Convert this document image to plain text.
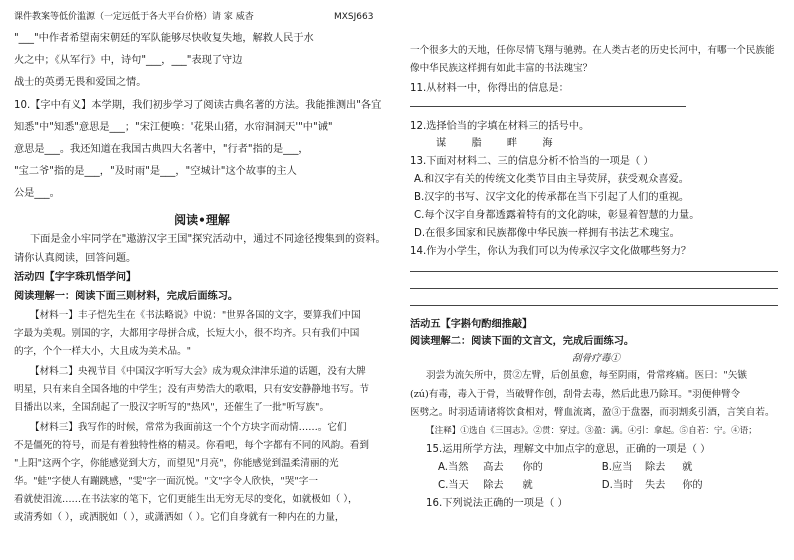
课件教案等低价滥源（一定远低于各大平台价格）请 家 威杳	MXSJ663
"___"中作者希望南宋朝廷的军队能够尽快收复失地，解救人民于水
火之中；《从军行》中，诗句"___，___"表现了守边
战士的英勇无畏和爱国之情。
10.【字中有义】本学期，我们初步学习了阅读古典名著的方法。我能推测出"各宜
知悉"中"知悉"意思是___；"宋江便唤：'花果山猪，水帘洞洞天'"中"诫"
意思是___。我还知道在我国古典四大名著中，"行者"指的是___，
"宝二爷"指的是___，"及时雨"是___，"空城计"这个故事的主人
公是___。
阅读•理解
下面是金小牢同学在"遨游汉字王国"探究活动中，通过不同途径搜集到的资料。
请你认真阅读，回答问题。
活动四【字字珠玑悟学问】
阅读理解一：阅读下面三则材料，完成后面练习。
【材料一】丰子恺先生在《书法略说》中说："世界各国的文字，要算我们中国
字最为美观。别国的字，大都用字母拼合成，长短大小，很不均齐。只有我们中国
的字，个个一样大小，大且成为美术品。"
【材料二】央视节目《中国汉字听写大会》成为观众津津乐道的话题，没有大牌
明星，只有来自全国各地的中学生；没有声势浩大的歌唱，只有安安静静地书写。节
目播出以来，全国刮起了一股汉字听写的"热风"，还催生了一批"听写族"。
【材料三】我写作的时候，常常为我面前这一个个方块字而动情……。它们
不是僵死的符号，而是有着独特性格的精灵。你看吧，每个字都有不同的风韵。看到
"上阳"这两个字，你能感觉到大方，而望见"月亮"，你能感觉到温柔清丽的光
华。"蛙"字使人有蹦跳感，"雯"字一面沉悦。"文"字令人欣快，"哭"字一
看就使泪流……在书法家的笔下，它们更能生出无穷无尽的变化，如就极如（ ），
或清秀如（ ），或洒脱如（ ），或潇洒如（ ）。它们自身就有一种内在的力量，
一个很多大的天地，任你尽情飞翔与驰骋。在人类古老的历史长河中，有哪一个民族能
像中华民族这样拥有如此丰富的书法瑰宝？
11.从材料一中，你得出的信息是：
12.选择恰当的字填在材料三的括号中。
谋 脂 畔 海
13.下面对材料二、三的信息分析不恰当的一项是（ ）
A.和汉字有关的传统文化类节目由主导荧屏，获受观众喜爱。
B.汉字的书写、汉字文化的传承都在当下引起了人们的重视。
C.每个汉字自身都透露着特有的文化韵味，彰显着智慧的力量。
D.在很多国家和民族都像中华民族一样拥有书法艺术瑰宝。
14.作为小学生，你认为我们可以为传承汉字文化做哪些努力？
活动五【字斟句酌细推敲】
阅读理解二：阅读下面的文言文，完成后面练习。
刮骨疗毒①
羽尝为流矢所中，贯②左臂，后创虽愈，每至阴雨，骨常疼痛。医曰："矢镞
(zú)有毒，毒入于骨，当破臂作创，刮骨去毒，然后此患乃除耳。"羽便伸臂令
医劈之。时羽适请诸将饮食相对，臂血流离，盈③于盘器，而羽割炙引酒，言笑自若。
【注释】①选自《三国志》。②贯：穿过。③盈：满。④引：拿起。⑤自若：宁。④语；
15.运用所学方法，理解文中加点字的意思，正确的一项是（ ）
A.当然 高去 你的	B.应当 除去 就
C.当天 除去 就	D.当时 失去 你的
16.下列说法正确的一项是（ ）
